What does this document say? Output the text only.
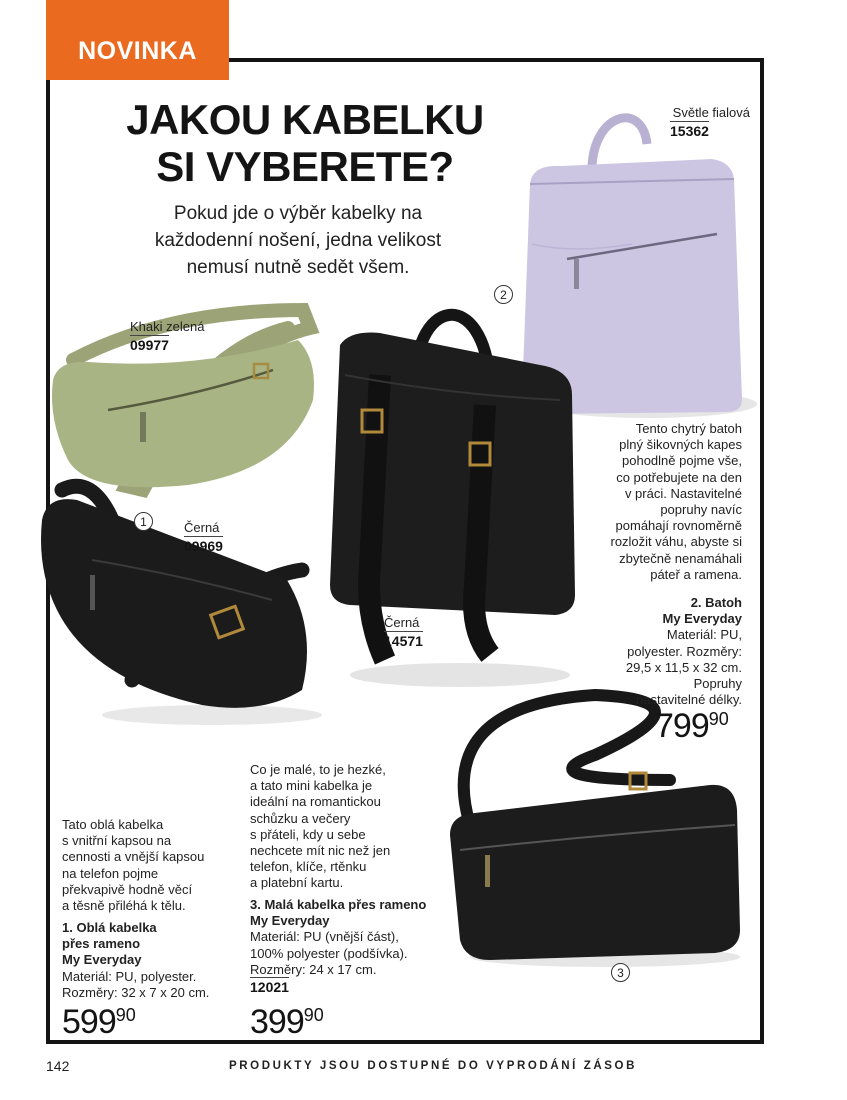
NOVINKA
JAKOU KABELKU
SI VYBERETE?
Pokud jde o výběr kabelky na
každodenní nošení, jedna velikost
nemusí nutně sedět všem.
Světle fialová
15362
Khaki zelená
09977
Černá
14571
1	Černá
09969
2
3
Tento chytrý batoh
plný šikovných kapes
pohodlně pojme vše,
co potřebujete na den
v práci. Nastavitelné
popruhy navíc
pomáhají rovnoměrně
rozložit váhu, abyste si
zbytečně nenamáhali
páteř a ramena.
2. Batoh
My Everyday
Materiál: PU,
polyester. Rozměry:
29,5 x 11,5 x 32 cm.
Popruhy
nastavitelné délky.
$799^{90}$
Co je malé, to je hezké,
a tato mini kabelka je
ideální na romantickou
schůzku a večery
s přáteli, kdy u sebe
nechcete mít nic než jen
telefon, klíče, rtěnku
a platební kartu.
3. Malá kabelka přes rameno
My Everyday
Materiál: PU (vnější část),
100% polyester (podšívka).
Rozměry: 24 x 17 cm.
12021
$399^{90}$
Tato oblá kabelka
s vnitřní kapsou na
cennosti a vnější kapsou
na telefon pojme
překvapivě hodně věcí
a těsně přiléhá k tělu.
1. Oblá kabelka
přes rameno
My Everyday
Materiál: PU, polyester.
Rozměry: 32 x 7 x 20 cm.
$599^{90}$
142	PRODUKTY JSOU DOSTUPNÉ DO VYPRODÁNÍ ZÁSOB
